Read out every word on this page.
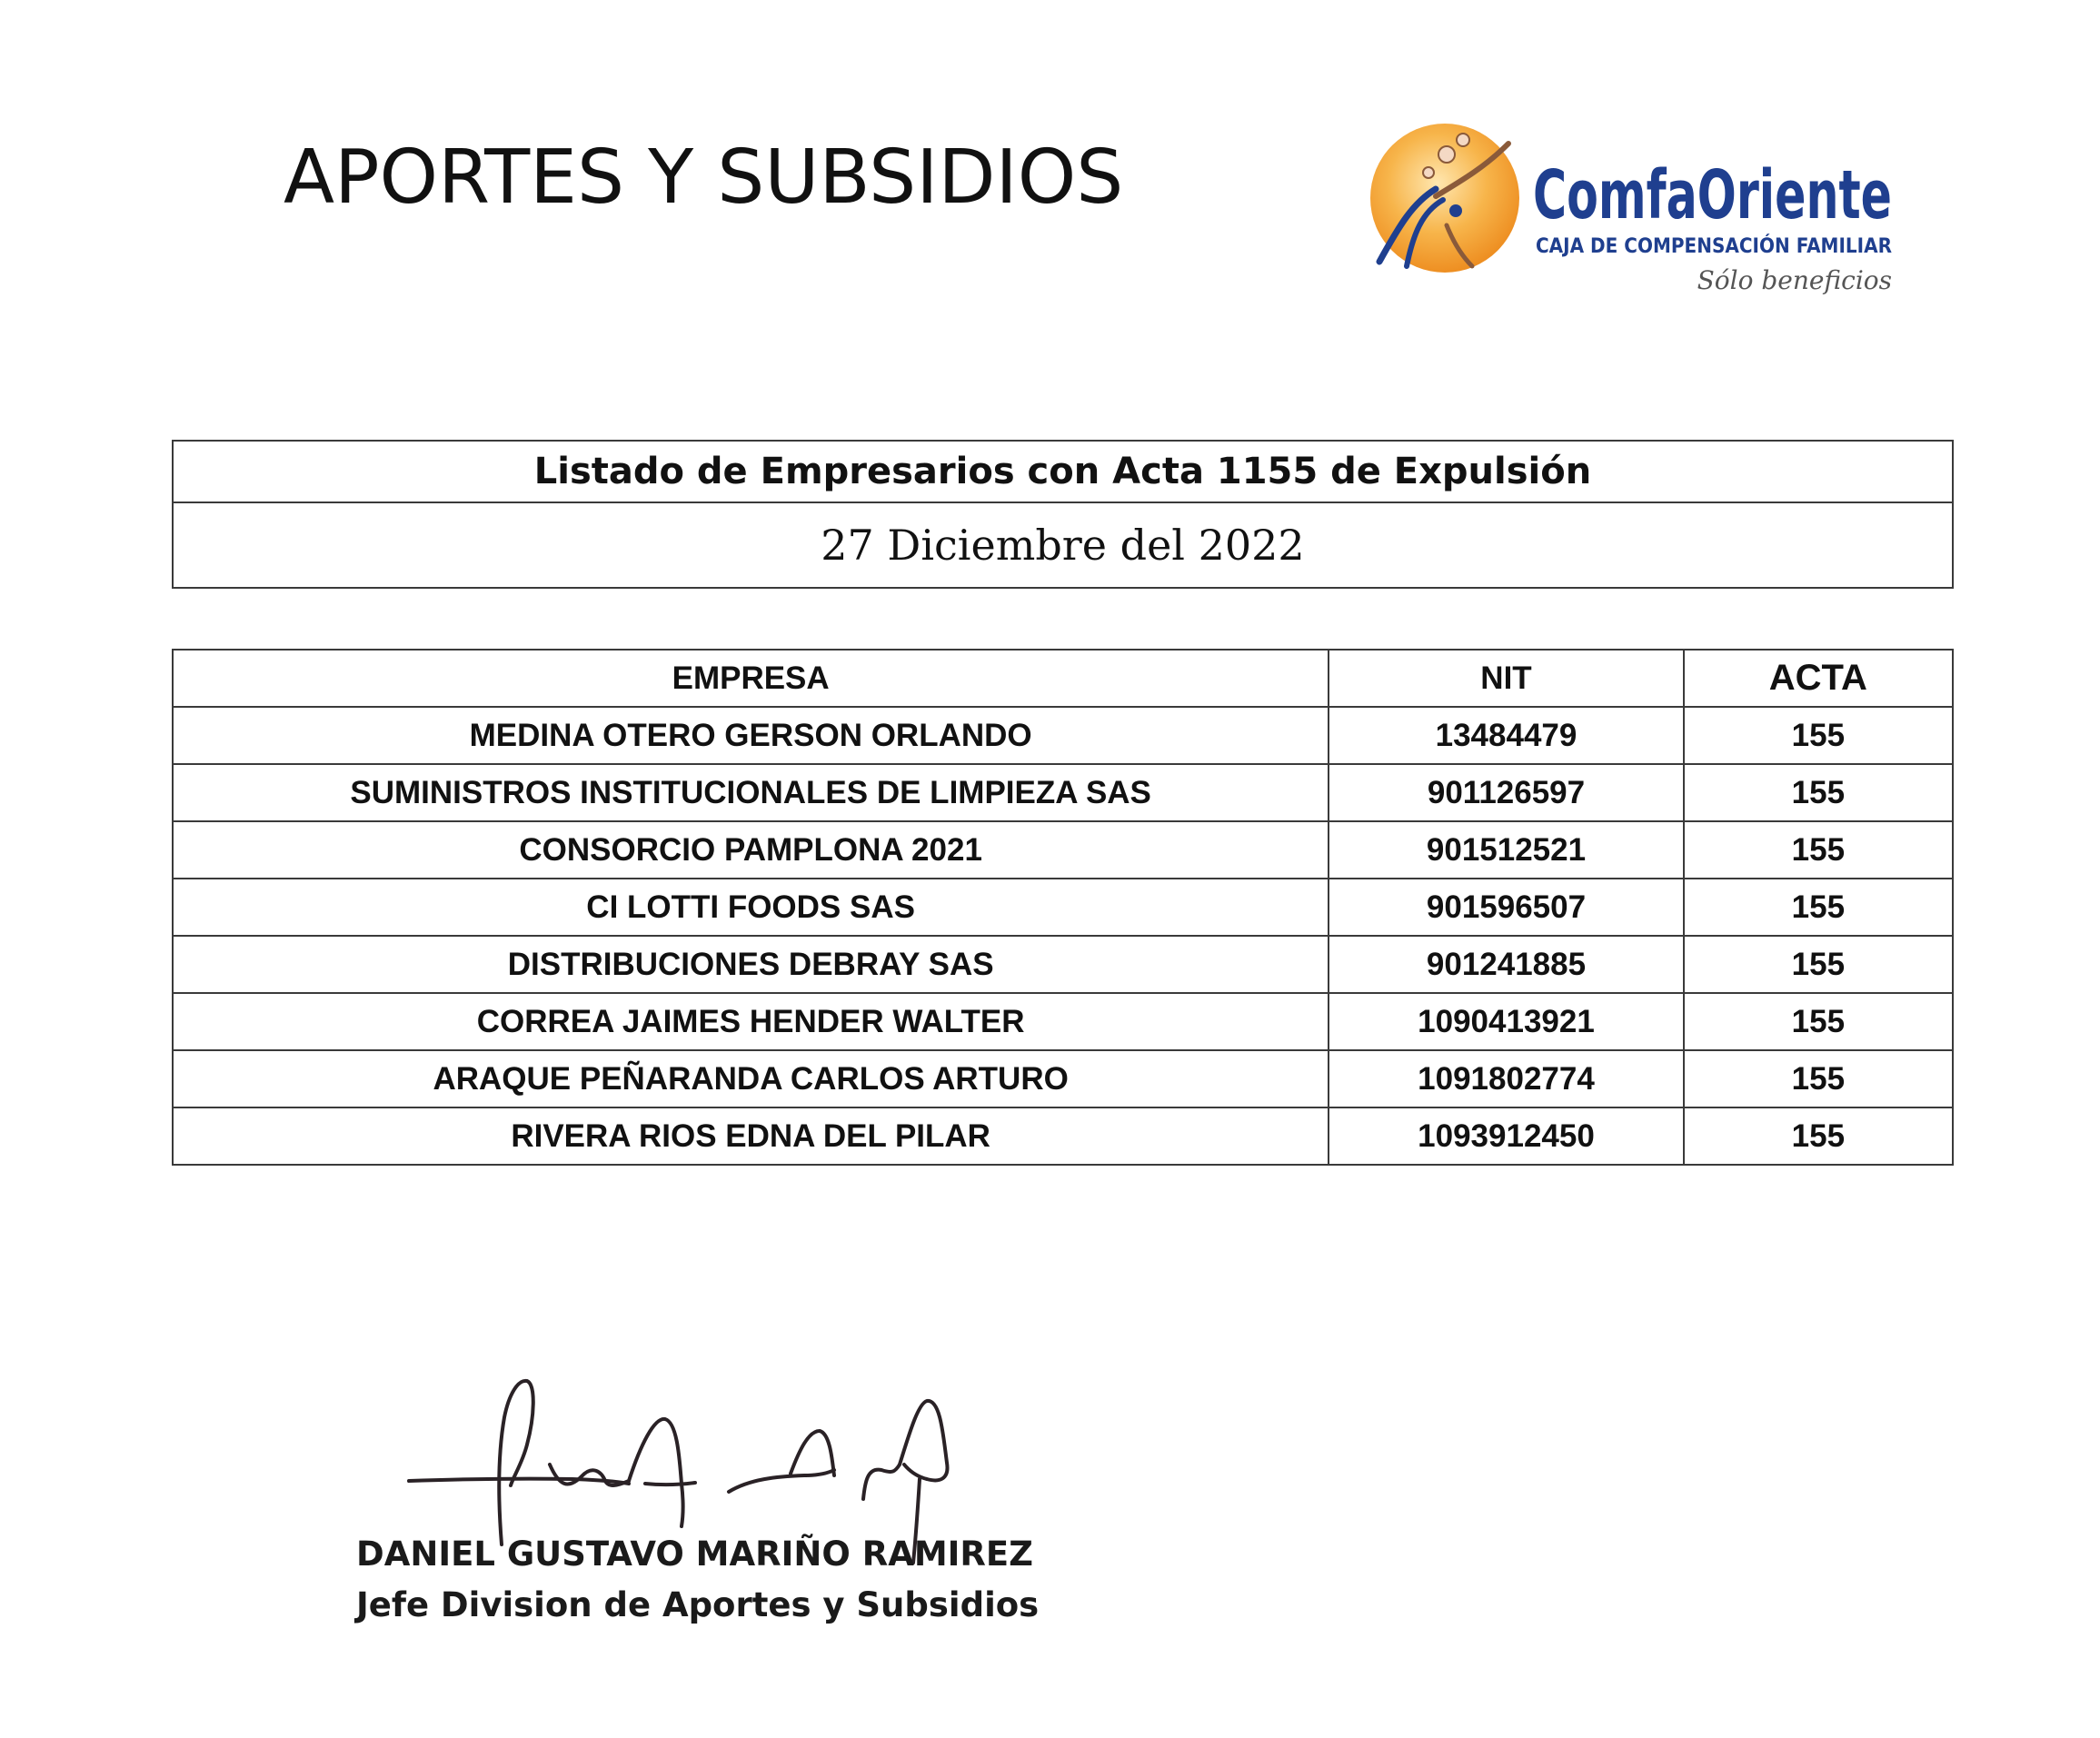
APORTES Y SUBSIDIOS	ComfaOriente
CAJA DE COMPENSACIÓN FAMILIAR
Sólo beneficios
Listado de Empresarios con Acta 1155 de Expulsión
27 Diciembre del 2022
EMPRESA	NIT	ACTA
MEDINA OTERO GERSON ORLANDO	13484479	155
SUMINISTROS INSTITUCIONALES DE LIMPIEZA SAS	901126597	155
CONSORCIO PAMPLONA 2021	901512521	155
CI LOTTI FOODS SAS	901596507	155
DISTRIBUCIONES DEBRAY SAS	901241885	155
CORREA JAIMES HENDER WALTER	1090413921	155
ARAQUE PEÑARANDA CARLOS ARTURO	1091802774	155
RIVERA RIOS EDNA DEL PILAR	1093912450	155
DANIEL GUSTAVO MARIÑO RAMIREZ
Jefe Division de Aportes y Subsidios
